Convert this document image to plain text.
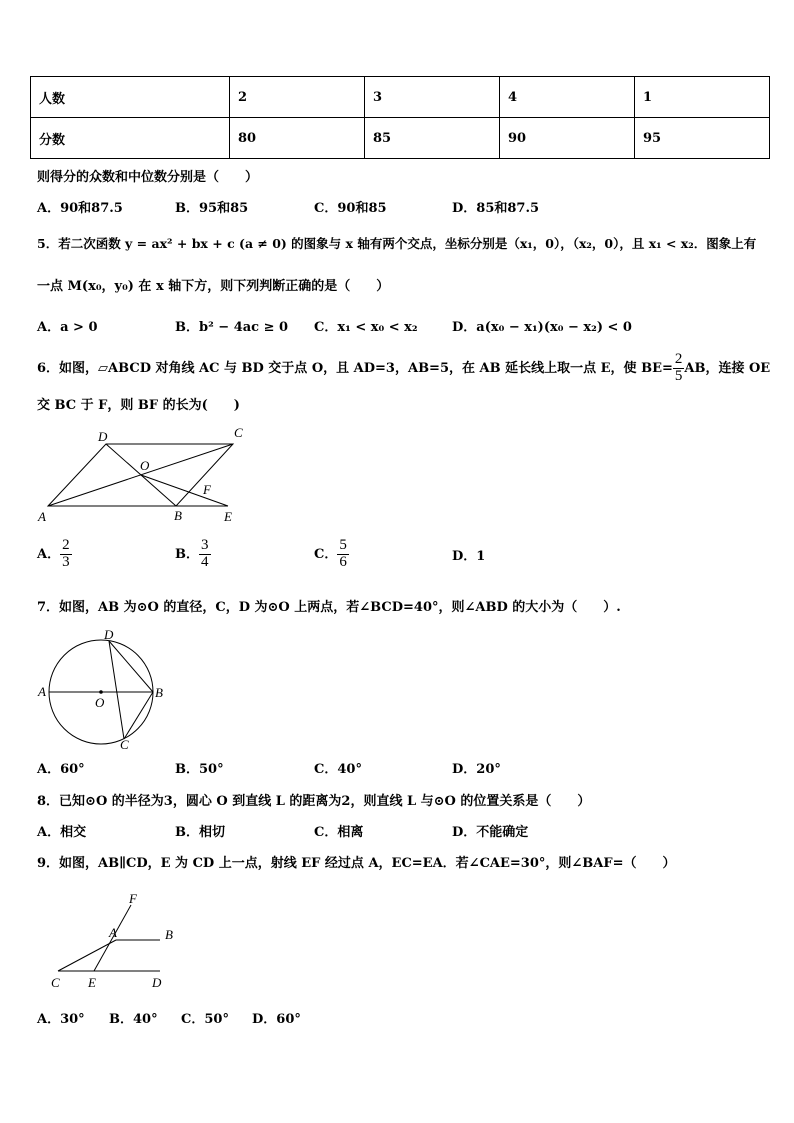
人数	2	3	4	1
分数	80	85	90	95
则得分的众数和中位数分别是（　　）
A．90和87.5	B．95和85	C．90和85	D．85和87.5
5．若二次函数 y = ax² + bx + c (a ≠ 0) 的图象与 x 轴有两个交点，坐标分别是（x₁，0），（x₂，0），且 x₁ < x₂．图象上有
一点 M(x₀，y₀) 在 x 轴下方，则下列判断正确的是（　　）
A．a > 0	B．b² − 4ac ≥ 0 C．x₁ < x₀ < x₂	D．a(x₀ − x₁)(x₀ − x₂) < 0
6．如图，▱ABCD 对角线 AC 与 BD 交于点 O，且 AD=3，AB=5，在 AB 延长线上取一点 E，使 $BE= \frac{2}{5}$ AB，连接 OE
交 BC 于 F，则 BF 的长为(　　)
A
D	C
O
F
B	E
A． $\frac{2}{3}$	B． $\frac{3}{4}$	C． $\frac{5}{6}$	D．1
7．如图，AB 为⊙O 的直径，C，D 为⊙O 上两点，若∠BCD=40°，则∠ABD 的大小为（　　）.
A	B
D
C
O
A．60°	B．50°	C．40°	D．20°
8．已知⊙O 的半径为3，圆心 O 到直线 L 的距离为2，则直线 L 与⊙O 的位置关系是（　　）
A．相交	B．相切	C．相离	D．不能确定
9．如图，AB∥CD，E 为 CD 上一点，射线 EF 经过点 A，EC=EA．若∠CAE=30°，则∠BAF=（　　）
F
A	B
C E	D
A．30° B．40° C．50° D．60°
